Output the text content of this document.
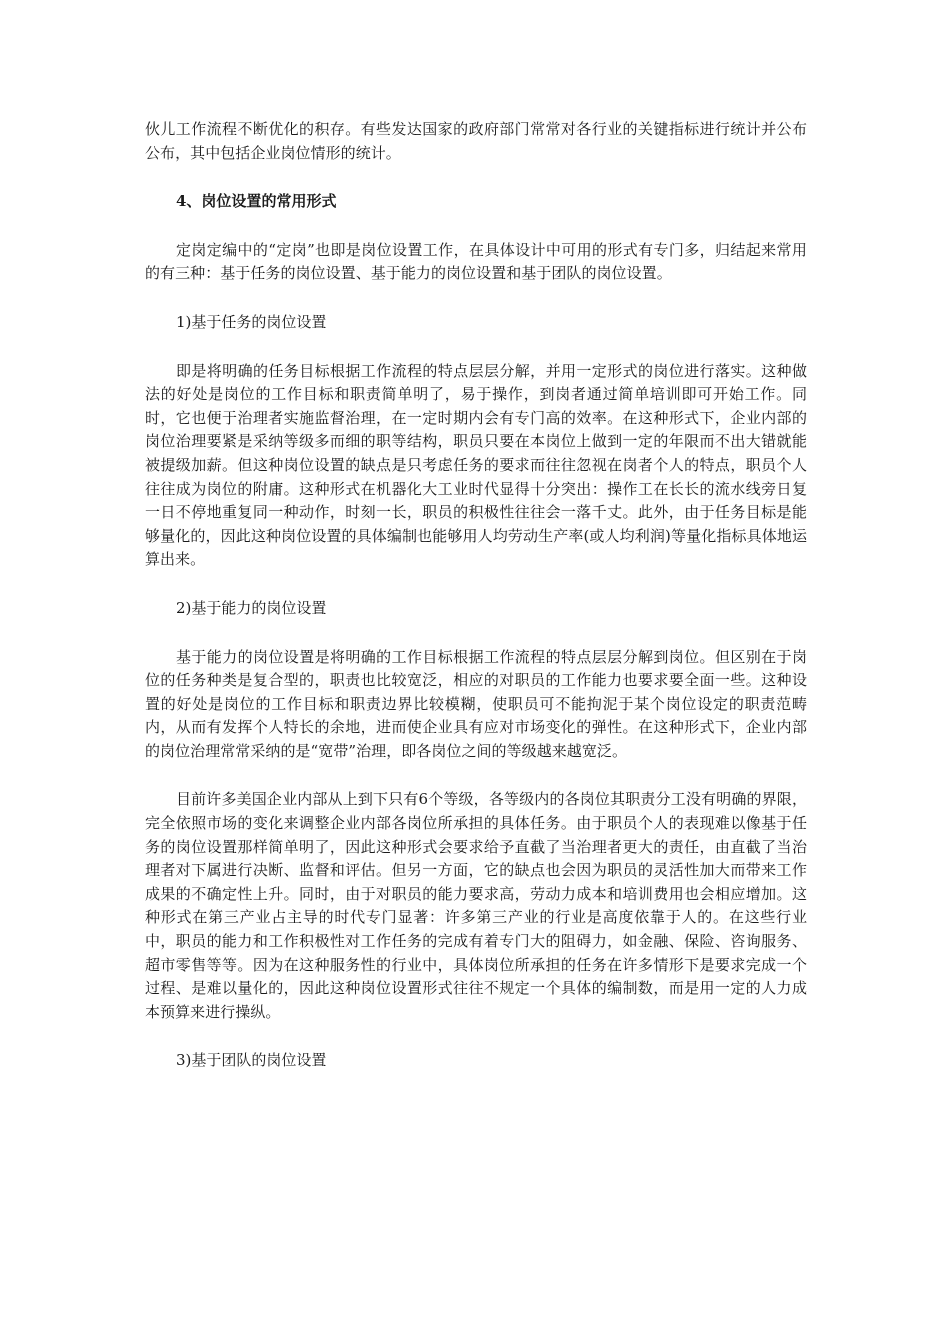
伙儿工作流程不断优化的积存。有些发达国家的政府部门常常对各行业的关键指标进行统计并公布公布，其中包括企业岗位情形的统计。

4、岗位设置的常用形式

定岗定编中的“定岗”也即是岗位设置工作，在具体设计中可用的形式有专门多，归结起来常用的有三种：基于任务的岗位设置、基于能力的岗位设置和基于团队的岗位设置。

1)基于任务的岗位设置

即是将明确的任务目标根据工作流程的特点层层分解，并用一定形式的岗位进行落实。这种做法的好处是岗位的工作目标和职责简单明了，易于操作，到岗者通过简单培训即可开始工作。同时，它也便于治理者实施监督治理，在一定时期内会有专门高的效率。在这种形式下，企业内部的岗位治理要紧是采纳等级多而细的职等结构，职员只要在本岗位上做到一定的年限而不出大错就能被提级加薪。但这种岗位设置的缺点是只考虑任务的要求而往往忽视在岗者个人的特点，职员个人往往成为岗位的附庸。这种形式在机器化大工业时代显得十分突出：操作工在长长的流水线旁日复一日不停地重复同一种动作，时刻一长，职员的积极性往往会一落千丈。此外，由于任务目标是能够量化的，因此这种岗位设置的具体编制也能够用人均劳动生产率(或人均利润)等量化指标具体地运算出来。

2)基于能力的岗位设置

基于能力的岗位设置是将明确的工作目标根据工作流程的特点层层分解到岗位。但区别在于岗位的任务种类是复合型的，职责也比较宽泛，相应的对职员的工作能力也要求要全面一些。这种设置的好处是岗位的工作目标和职责边界比较模糊，使职员可不能拘泥于某个岗位设定的职责范畴内，从而有发挥个人特长的余地，进而使企业具有应对市场变化的弹性。在这种形式下，企业内部的岗位治理常常采纳的是“宽带”治理，即各岗位之间的等级越来越宽泛。

目前许多美国企业内部从上到下只有6个等级，各等级内的各岗位其职责分工没有明确的界限，完全依照市场的变化来调整企业内部各岗位所承担的具体任务。由于职员个人的表现难以像基于任务的岗位设置那样简单明了，因此这种形式会要求给予直截了当治理者更大的责任，由直截了当治理者对下属进行决断、监督和评估。但另一方面，它的缺点也会因为职员的灵活性加大而带来工作成果的不确定性上升。同时，由于对职员的能力要求高，劳动力成本和培训费用也会相应增加。这种形式在第三产业占主导的时代专门显著：许多第三产业的行业是高度依靠于人的。在这些行业中，职员的能力和工作积极性对工作任务的完成有着专门大的阻碍力，如金融、保险、咨询服务、超市零售等等。因为在这种服务性的行业中，具体岗位所承担的任务在许多情形下是要求完成一个过程、是难以量化的，因此这种岗位设置形式往往不规定一个具体的编制数，而是用一定的人力成本预算来进行操纵。

3)基于团队的岗位设置
